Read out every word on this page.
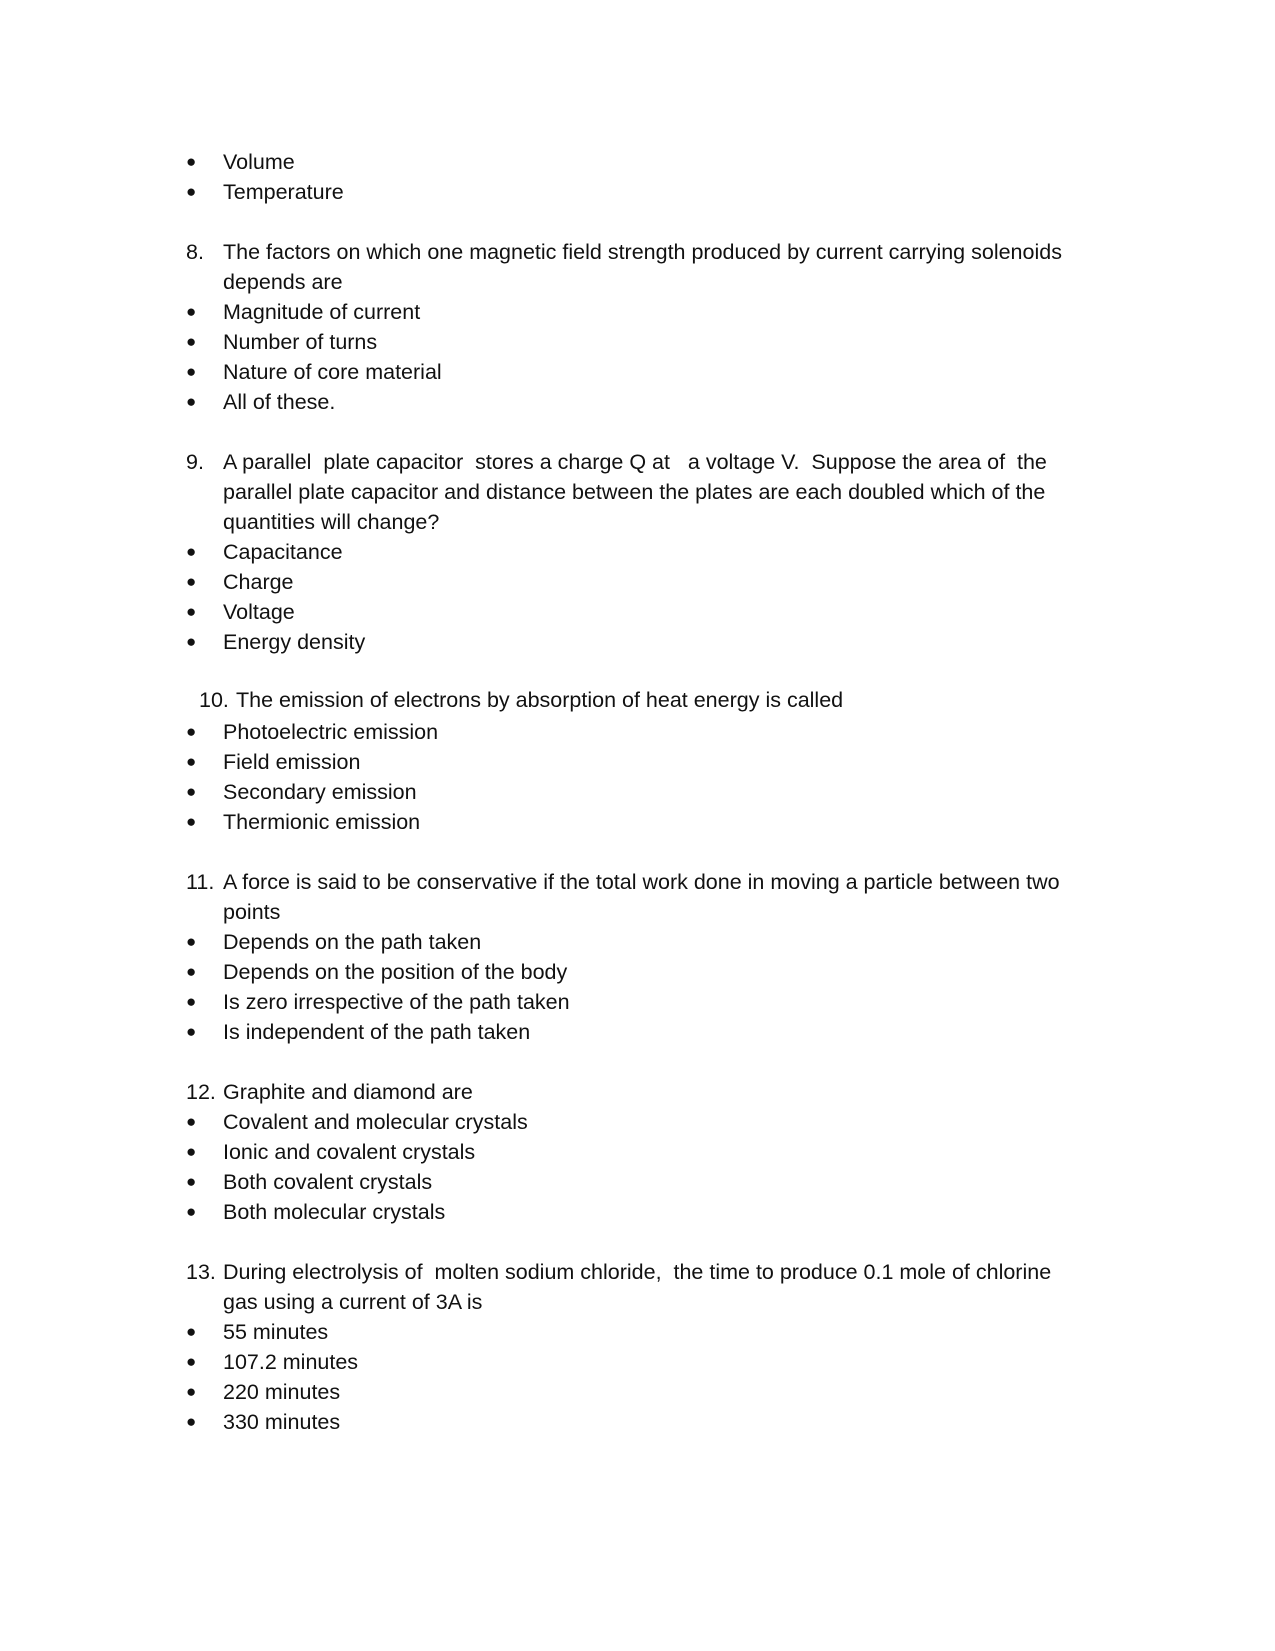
● Volume
● Temperature
8. The factors on which one magnetic field strength produced by current carrying solenoids
depends are
● Magnitude of current
● Number of turns
● Nature of core material
● All of these.
9. A parallel  plate capacitor  stores a charge Q at   a voltage V.  Suppose the area of  the
parallel plate capacitor and distance between the plates are each doubled which of the
quantities will change?
● Capacitance
● Charge
● Voltage
● Energy density
10. The emission of electrons by absorption of heat energy is called
● Photoelectric emission
● Field emission
● Secondary emission
● Thermionic emission
11. A force is said to be conservative if the total work done in moving a particle between two
points
● Depends on the path taken
● Depends on the position of the body
● Is zero irrespective of the path taken
● Is independent of the path taken
12. Graphite and diamond are
● Covalent and molecular crystals
● Ionic and covalent crystals
● Both covalent crystals
● Both molecular crystals
13. During electrolysis of  molten sodium chloride,  the time to produce 0.1 mole of chlorine
gas using a current of 3A is
● 55 minutes
● 107.2 minutes
● 220 minutes
● 330 minutes
